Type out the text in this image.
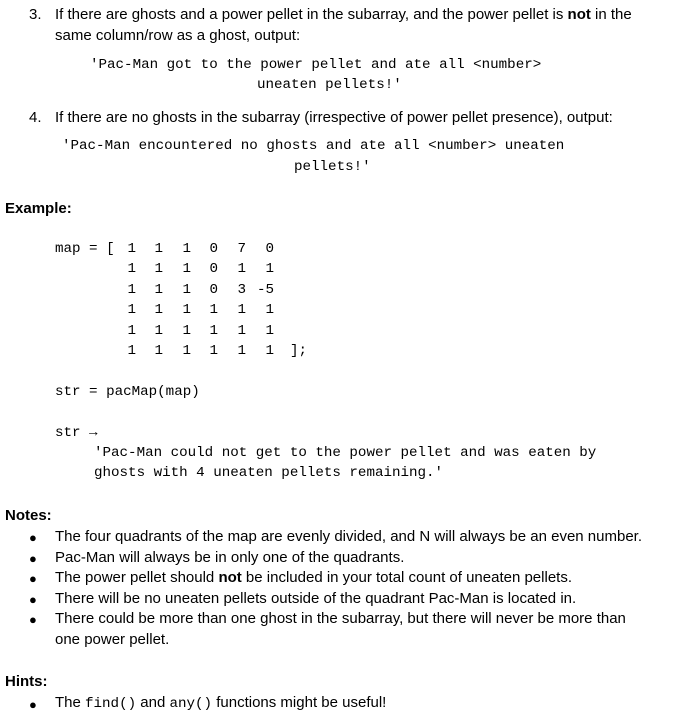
3. If there are ghosts and a power pellet in the subarray, and the power pellet is not in the
same column/row as a ghost, output:
'Pac-Man got to the power pellet and ate all <number>
uneaten pellets!'
4. If there are no ghosts in the subarray (irrespective of power pellet presence), output:
'Pac-Man encountered no ghosts and ate all <number> uneaten
pellets!'
Example:
map = [ 1	1	1	0	7	0
1	1	1	0	1	1
1	1	1	0	3 -5
1	1	1	1	1	1
1	1	1	1	1	1
1	1	1	1	1	1 ];
str = pacMap(map)
str →
'Pac-Man could not get to the power pellet and was eaten by
ghosts with 4 uneaten pellets remaining.'
Notes:
● The four quadrants of the map are evenly divided, and N will always be an even number.
● Pac-Man will always be in only one of the quadrants.
● The power pellet should not be included in your total count of uneaten pellets.
● There will be no uneaten pellets outside of the quadrant Pac-Man is located in.
● There could be more than one ghost in the subarray, but there will never be more than
one power pellet.
Hints:
● The find() and any() functions might be useful!
